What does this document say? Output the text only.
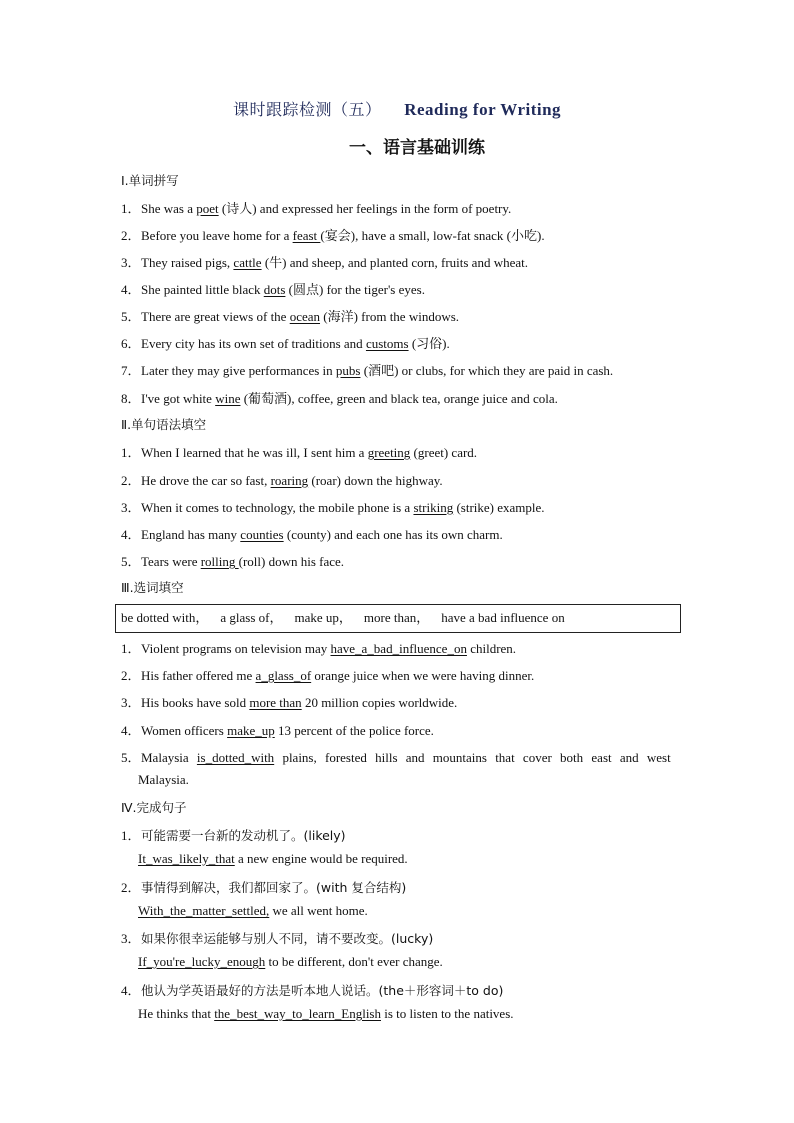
课时跟踪检测（五） Reading for Writing
一、语言基础训练
Ⅰ.单词拼写
1．She was a poet (诗人) and expressed her feelings in the form of poetry.
2．Before you leave home for a feast (宴会), have a small, low-fat snack (小吃).
3．They raised pigs, cattle (牛) and sheep, and planted corn, fruits and wheat.
4．She painted little black dots (圆点) for the tiger's eyes.
5．There are great views of the ocean (海洋) from the windows.
6．Every city has its own set of traditions and customs (习俗).
7．Later they may give performances in pubs (酒吧) or clubs, for which they are paid in cash.
8．I've got white wine (葡萄酒), coffee, green and black tea, orange juice and cola.
Ⅱ.单句语法填空
1．When I learned that he was ill, I sent him a greeting (greet) card.
2．He drove the car so fast, roaring (roar) down the highway.
3．When it comes to technology, the mobile phone is a striking (strike) example.
4．England has many counties (county) and each one has its own charm.
5．Tears were rolling (roll) down his face.
Ⅲ.选词填空
be dotted with， a glass of， make up， more than， have a bad influence on
1．Violent programs on television may have_a_bad_influence_on children.
2．His father offered me a_glass_of orange juice when we were having dinner.
3．His books have sold more than 20 million copies worldwide.
4．Women officers make_up 13 percent of the police force.
5．Malaysia is_dotted_with plains, forested hills and mountains that cover both east and west
Malaysia.
Ⅳ.完成句子
1．可能需要一台新的发动机了。(likely)
It_was_likely_that a new engine would be required.
2．事情得到解决，我们都回家了。(with 复合结构)
With_the_matter_settled, we all went home.
3．如果你很幸运能够与别人不同，请不要改变。(lucky)
If_you're_lucky_enough to be different, don't ever change.
4．他认为学英语最好的方法是听本地人说话。(the＋形容词＋to do)
He thinks that the_best_way_to_learn_English is to listen to the natives.
